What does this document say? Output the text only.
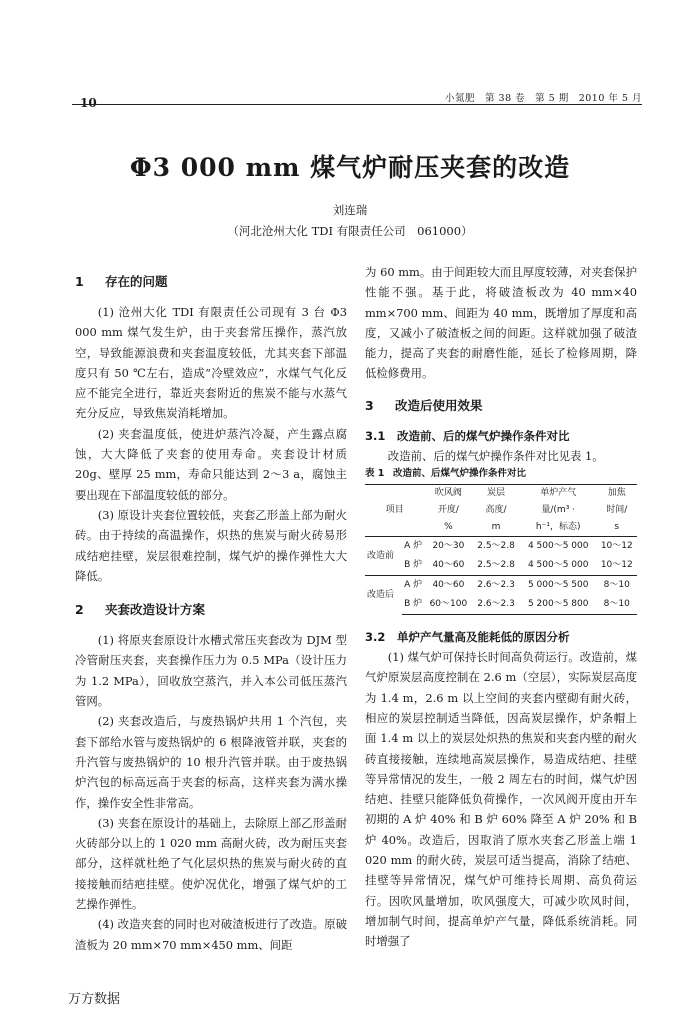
10	小氮肥　第 38 卷　第 5 期　2010 年 5 月
Φ3 000 mm 煤气炉耐压夹套的改造
刘连瑞
（河北沧州大化 TDI 有限责任公司　061000）
1 存在的问题

(1) 沧州大化 TDI 有限责任公司现有 3 台 Φ3 000 mm 煤气发生炉，由于夹套常压操作，蒸汽放空，导致能源浪费和夹套温度较低，尤其夹套下部温度只有 50 ℃左右，造成“冷壁效应”，水煤气气化反应不能完全进行，靠近夹套附近的焦炭不能与水蒸气充分反应，导致焦炭消耗增加。

(2) 夹套温度低，使进炉蒸汽冷凝，产生露点腐蚀，大大降低了夹套的使用寿命。夹套设计材质 20g、壁厚 25 mm，寿命只能达到 2～3 a，腐蚀主要出现在下部温度较低的部分。

(3) 原设计夹套位置较低，夹套乙形盖上部为耐火砖。由于持续的高温操作，炽热的焦炭与耐火砖易形成结疤挂壁，炭层很难控制，煤气炉的操作弹性大大降低。

2 夹套改造设计方案

(1) 将原夹套原设计水槽式常压夹套改为 DJM 型冷管耐压夹套，夹套操作压力为 0.5 MPa（设计压力为 1.2 MPa），回收放空蒸汽，并入本公司低压蒸汽管网。

(2) 夹套改造后，与废热锅炉共用 1 个汽包，夹套下部给水管与废热锅炉的 6 根降液管并联，夹套的升汽管与废热锅炉的 10 根升汽管并联。由于废热锅炉汽包的标高远高于夹套的标高，这样夹套为满水操作，操作安全性非常高。

(3) 夹套在原设计的基础上，去除原上部乙形盖耐火砖部分以上的 1 020 mm 高耐火砖，改为耐压夹套部分，这样就杜绝了气化层炽热的焦炭与耐火砖的直接接触而结疤挂壁。使炉况优化，增强了煤气炉的工艺操作弹性。

(4) 改造夹套的同时也对破渣板进行了改造。原破渣板为 20 mm×70 mm×450 mm、间距

为 60 mm。由于间距较大而且厚度较薄，对夹套保护性能不强。基于此，将破渣板改为 40 mm×40 mm×700 mm、间距为 40 mm，既增加了厚度和高度，又减小了破渣板之间的间距。这样就加强了破渣能力，提高了夹套的耐磨性能，延长了检修周期，降低检修费用。

3 改造后使用效果
3.1 改造前、后的煤气炉操作条件对比

改造前、后的煤气炉操作条件对比见表 1。

表 1 改造前、后煤气炉操作条件对比
项目		吹风阀	炭层	单炉产气	加焦
		开度/	高度/	量/(m³ ·	时间/
		%	m	h⁻¹，标态)	s
改造前	A 炉	20～30	2.5～2.8	4 500～5 000	10～12
	B 炉	40～60	2.5～2.8	4 500～5 000	10～12
改造后	A 炉	40～60	2.6～2.3	5 000～5 500	8～10
	B 炉	60～100	2.6～2.3	5 200～5 800	8～10
3.2 单炉产气量高及能耗低的原因分析

(1) 煤气炉可保持长时间高负荷运行。改造前，煤气炉原炭层高度控制在 2.6 m（空层），实际炭层高度为 1.4 m，2.6 m 以上空间的夹套内壁砌有耐火砖，相应的炭层控制适当降低，因高炭层操作，炉条帽上面 1.4 m 以上的炭层处炽热的焦炭和夹套内壁的耐火砖直接接触，连续地高炭层操作，易造成结疤、挂壁等异常情况的发生，一般 2 周左右的时间，煤气炉因结疤、挂壁只能降低负荷操作，一次风阀开度由开车初期的 A 炉 40% 和 B 炉 60% 降至 A 炉 20% 和 B 炉 40%。改造后，因取消了原水夹套乙形盖上端 1 020 mm 的耐火砖，炭层可适当提高，消除了结疤、挂壁等异常情况，煤气炉可维持长周期、高负荷运行。因吹风量增加，吹风强度大，可减少吹风时间，增加制气时间，提高单炉产气量，降低系统消耗。同时增强了

万方数据
